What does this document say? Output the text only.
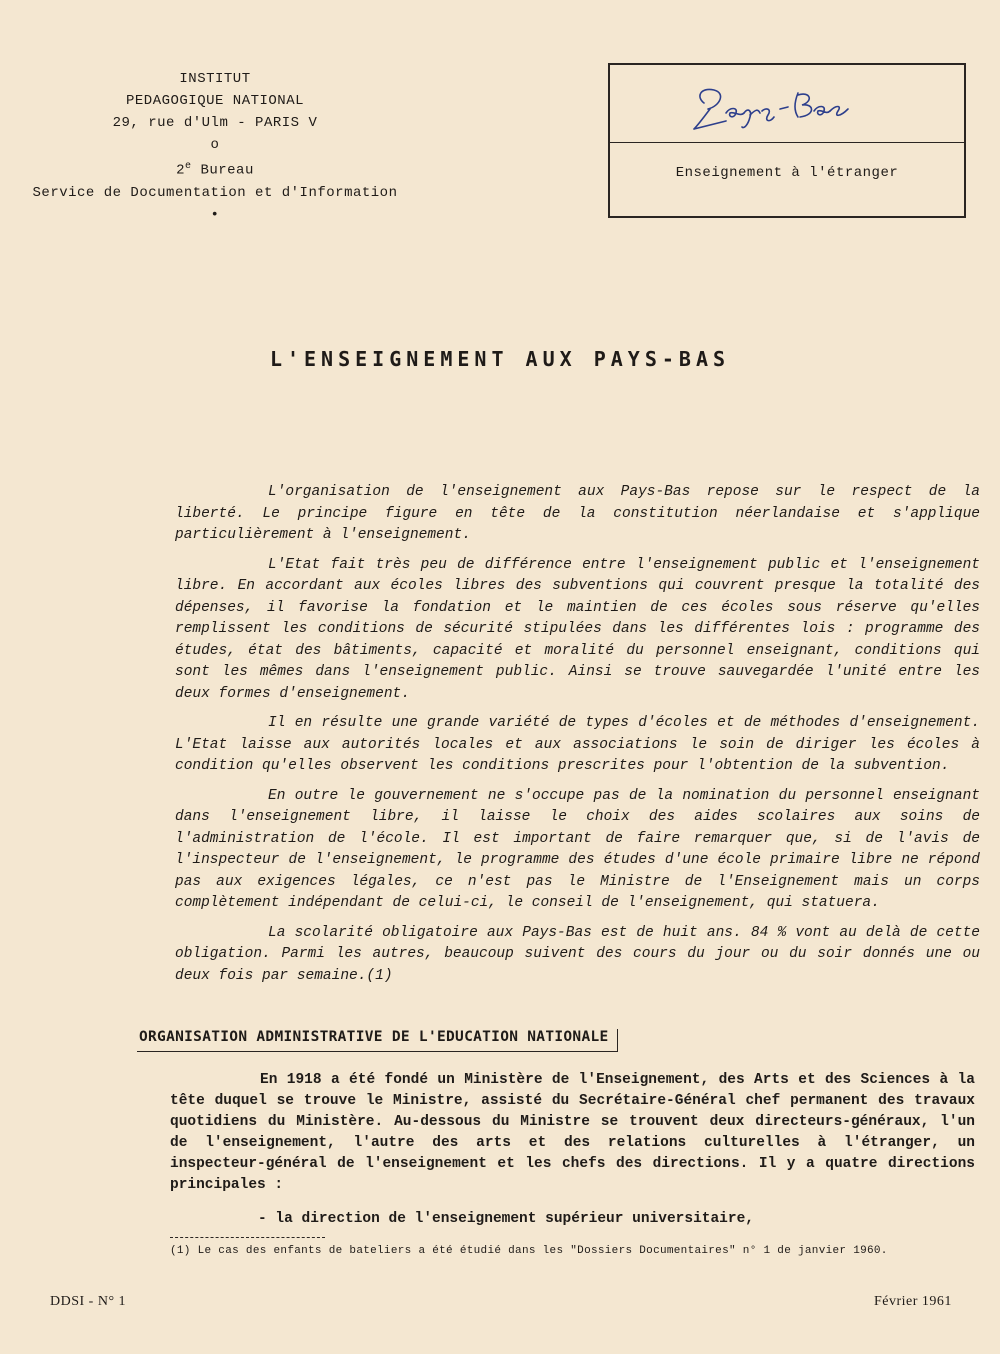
INSTITUT
PEDAGOGIQUE NATIONAL
29, rue d'Ulm - PARIS V
o
2e Bureau
Service de Documentation et d'Information
•
Enseignement à l'étranger
L'ENSEIGNEMENT AUX PAYS-BAS

L'organisation de l'enseignement aux Pays-Bas repose sur le respect de la liberté. Le principe figure en tête de la constitution néerlandaise et s'applique particulièrement à l'enseignement.

L'Etat fait très peu de différence entre l'enseignement public et l'enseignement libre. En accordant aux écoles libres des subventions qui couvrent presque la totalité des dépenses, il favorise la fondation et le maintien de ces écoles sous réserve qu'elles remplissent les conditions de sécurité stipulées dans les différentes lois : programme des études, état des bâtiments, capacité et moralité du personnel enseignant, conditions qui sont les mêmes dans l'enseignement public. Ainsi se trouve sauvegardée l'unité entre les deux formes d'enseignement.

Il en résulte une grande variété de types d'écoles et de méthodes d'enseignement. L'Etat laisse aux autorités locales et aux associations le soin de diriger les écoles à condition qu'elles observent les conditions prescrites pour l'obtention de la subvention.

En outre le gouvernement ne s'occupe pas de la nomination du personnel enseignant dans l'enseignement libre, il laisse le choix des aides scolaires aux soins de l'administration de l'école. Il est important de faire remarquer que, si de l'avis de l'inspecteur de l'enseignement, le programme des études d'une école primaire libre ne répond pas aux exigences légales, ce n'est pas le Ministre de l'Enseignement mais un corps complètement indépendant de celui-ci, le conseil de l'enseignement, qui statuera.

La scolarité obligatoire aux Pays-Bas est de huit ans. 84 % vont au delà de cette obligation. Parmi les autres, beaucoup suivent des cours du jour ou du soir donnés une ou deux fois par semaine.(1)

ORGANISATION ADMINISTRATIVE DE L'EDUCATION NATIONALE

En 1918 a été fondé un Ministère de l'Enseignement, des Arts et des Sciences à la tête duquel se trouve le Ministre, assisté du Secrétaire-Général chef permanent des travaux quotidiens du Ministère. Au-dessous du Ministre se trouvent deux directeurs-généraux, l'un de l'enseignement, l'autre des arts et des relations culturelles à l'étranger, un inspecteur-général de l'enseignement et les chefs des directions. Il y a quatre directions principales :

- la direction de l'enseignement supérieur universitaire,
(1) Le cas des enfants de bateliers a été étudié dans les "Dossiers Documentaires" n° 1 de janvier 1960.
DDSI - N° 1	Février 1961
